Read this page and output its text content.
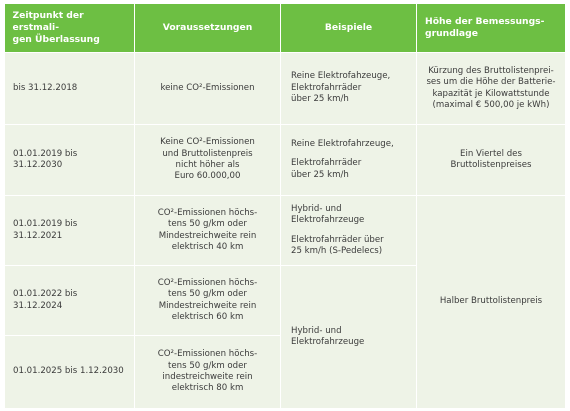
Zeitpunkt der erstmali-
gen Überlassung	Voraussetzungen	Beispiele	Höhe der Bemessungs-
grundlage
bis 31.12.2018	keine CO²-Emissionen	Reine Elektrofahzeuge,
Elektrofahrräder
über 25 km/h	Kürzung des Bruttolistenprei-
ses um die Höhe der Batterie-
kapazität je Kilowattstunde
(maximal € 500,00 je kWh)
01.01.2019 bis 31.12.2030	Keine CO²-Emissionen
und Bruttolistenpreis
nicht höher als
Euro 60.000,00	Reine Elektrofahrzeuge,
Elektrofahrräder
über 25 km/h	Ein Viertel des
Bruttolistenpreises
01.01.2019 bis 31.12.2021	CO²-Emissionen höchs-
tens 50 g/km oder
Mindestreichweite rein
elektrisch 40 km	Hybrid- und
Elektrofahrzeuge
Elektrofahrräder über
25 km/h (S-Pedelecs)	Halber Bruttolistenpreis
01.01.2022 bis 31.12.2024	CO²-Emissionen höchs-
tens 50 g/km oder
Mindestreichweite rein
elektrisch 60 km	Hybrid- und
Elektrofahrzeuge	
01.01.2025 bis 1.12.2030	CO²-Emissionen höchs-
tens 50 g/km oder
indestreichweite rein
elektrisch 80 km		
